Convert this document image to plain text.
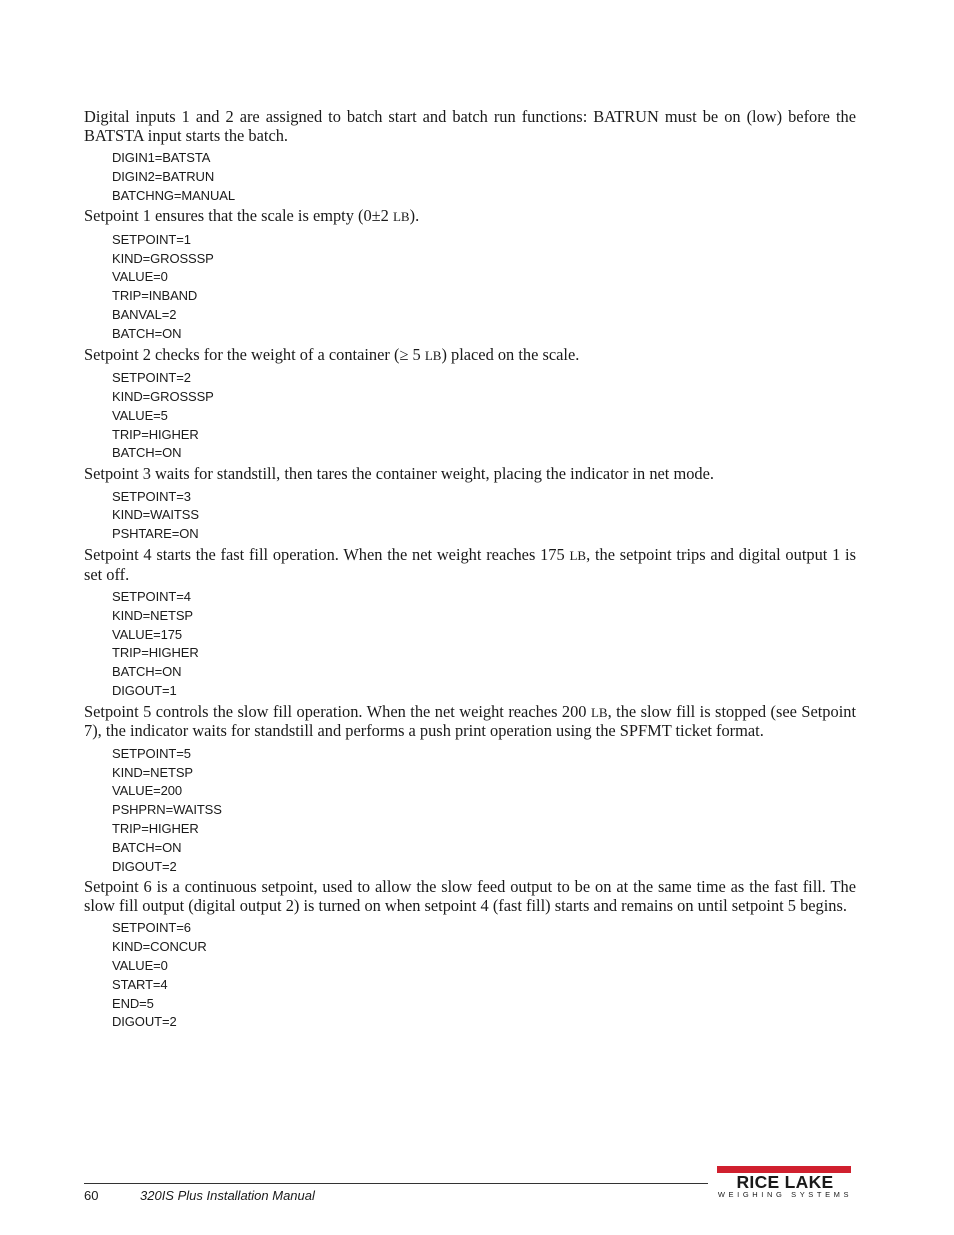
Digital inputs 1 and 2 are assigned to batch start and batch run functions: BATRUN must be on (low) before the BATSTA input starts the batch.

DIGIN1=BATSTA
DIGIN2=BATRUN
BATCHNG=MANUAL

Setpoint 1 ensures that the scale is empty (0±2 LB).

SETPOINT=1
KIND=GROSSSP
VALUE=0
TRIP=INBAND
BANVAL=2
BATCH=ON

Setpoint 2 checks for the weight of a container (≥ 5 LB) placed on the scale.

SETPOINT=2
KIND=GROSSSP
VALUE=5
TRIP=HIGHER
BATCH=ON

Setpoint 3 waits for standstill, then tares the container weight, placing the indicator in net mode.

SETPOINT=3
KIND=WAITSS
PSHTARE=ON

Setpoint 4 starts the fast fill operation. When the net weight reaches 175 LB, the setpoint trips and digital output 1 is set off.

SETPOINT=4
KIND=NETSP
VALUE=175
TRIP=HIGHER
BATCH=ON
DIGOUT=1

Setpoint 5 controls the slow fill operation. When the net weight reaches 200 LB, the slow fill is stopped (see Setpoint 7), the indicator waits for standstill and performs a push print operation using the SPFMT ticket format.

SETPOINT=5
KIND=NETSP
VALUE=200
PSHPRN=WAITSS
TRIP=HIGHER
BATCH=ON
DIGOUT=2

Setpoint 6 is a continuous setpoint, used to allow the slow feed output to be on at the same time as the fast fill. The slow fill output (digital output 2) is turned on when setpoint 4 (fast fill) starts and remains on until setpoint 5 begins.

SETPOINT=6
KIND=CONCUR
VALUE=0
START=4
END=5
DIGOUT=2
60	320IS Plus Installation Manual
RICE LAKE
WEIGHING SYSTEMS
